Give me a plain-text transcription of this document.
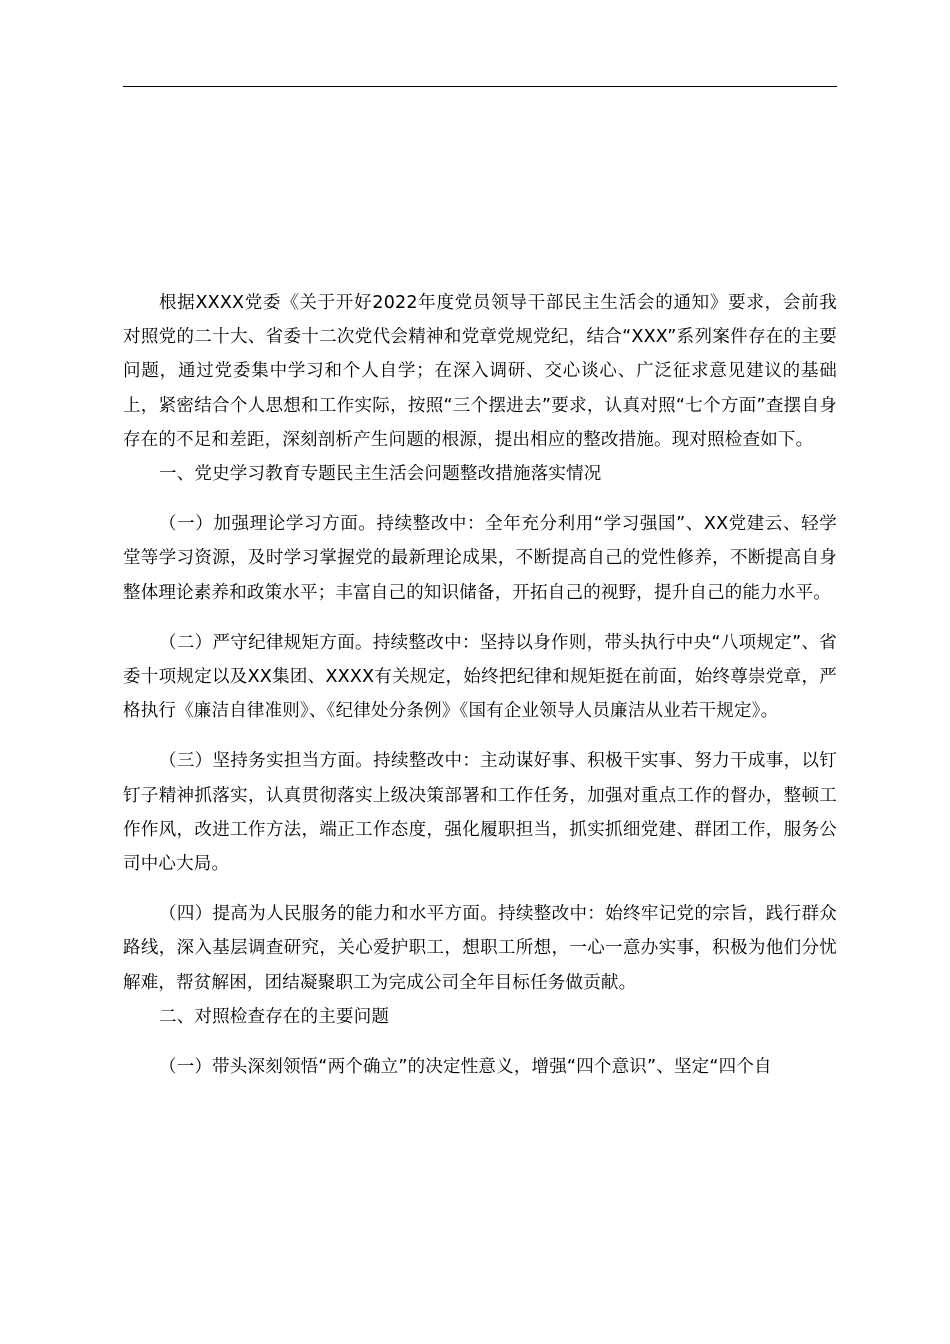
根据XXXX党委《关于开好2022年度党员领导干部民主生活会的通知》要求，会前我对照党的二十大、省委十二次党代会精神和党章党规党纪，结合“XXX”系列案件存在的主要问题，通过党委集中学习和个人自学；在深入调研、交心谈心、广泛征求意见建议的基础上，紧密结合个人思想和工作实际，按照“三个摆进去”要求，认真对照“七个方面”查摆自身存在的不足和差距，深刻剖析产生问题的根源，提出相应的整改措施。现对照检查如下。

一、党史学习教育专题民主生活会问题整改措施落实情况

（一）加强理论学习方面。持续整改中：全年充分利用“学习强国”、XX党建云、轻学堂等学习资源，及时学习掌握党的最新理论成果，不断提高自己的党性修养，不断提高自身整体理论素养和政策水平；丰富自己的知识储备，开拓自己的视野，提升自己的能力水平。

（二）严守纪律规矩方面。持续整改中：坚持以身作则，带头执行中央“八项规定”、省委十项规定以及XX集团、XXXX有关规定，始终把纪律和规矩挺在前面，始终尊崇党章，严格执行《廉洁自律准则》、《纪律处分条例》《国有企业领导人员廉洁从业若干规定》。

（三）坚持务实担当方面。持续整改中：主动谋好事、积极干实事、努力干成事，以钉钉子精神抓落实，认真贯彻落实上级决策部署和工作任务，加强对重点工作的督办，整顿工作作风，改进工作方法，端正工作态度，强化履职担当，抓实抓细党建、群团工作，服务公司中心大局。

（四）提高为人民服务的能力和水平方面。持续整改中：始终牢记党的宗旨，践行群众路线，深入基层调查研究，关心爱护职工，想职工所想，一心一意办实事，积极为他们分忧解难，帮贫解困，团结凝聚职工为完成公司全年目标任务做贡献。

二、对照检查存在的主要问题

（一）带头深刻领悟“两个确立”的决定性意义，增强“四个意识”、坚定“四个自
